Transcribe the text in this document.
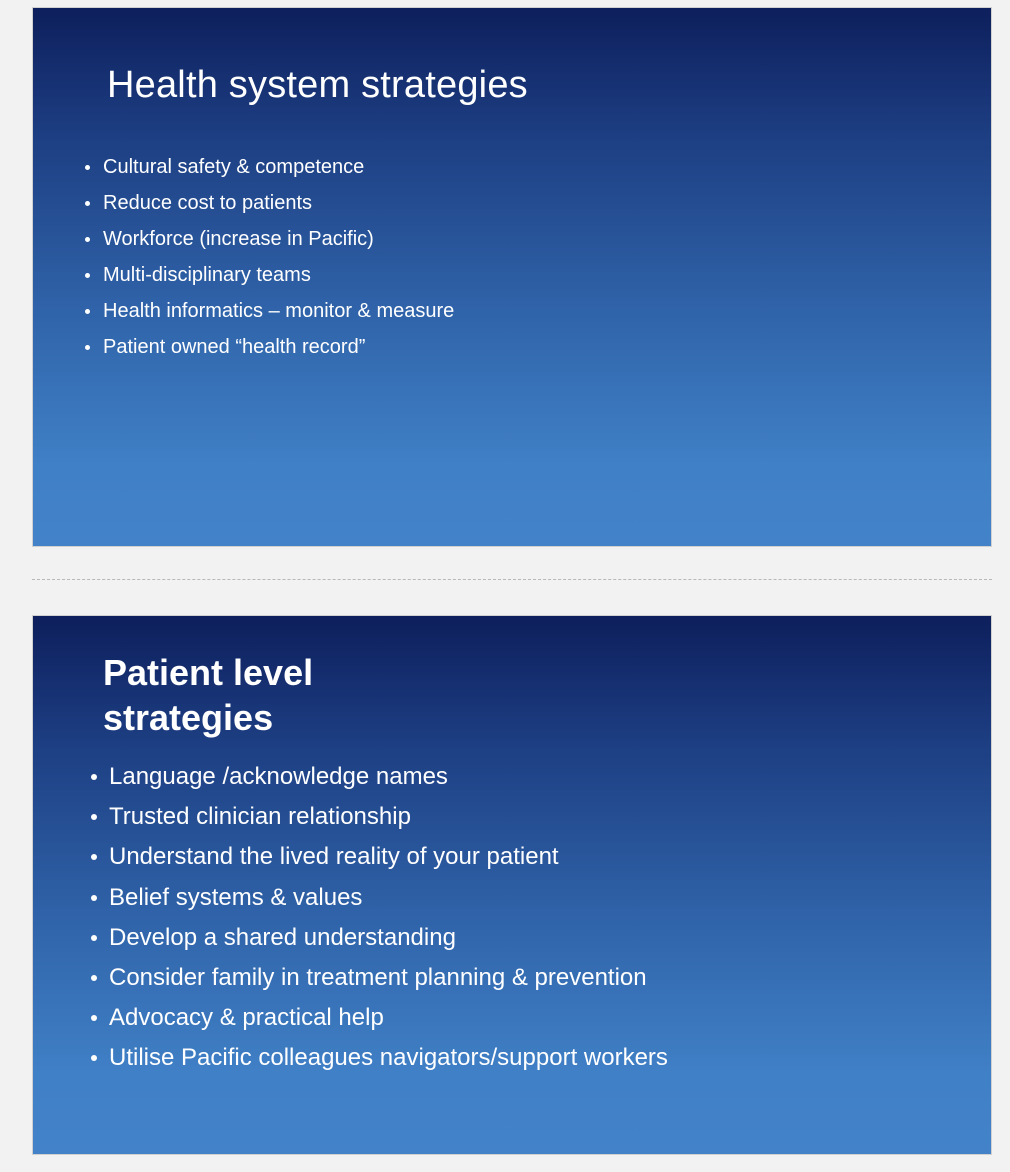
Health system strategies
Cultural safety & competence
Reduce cost to patients
Workforce (increase in Pacific)
Multi-disciplinary teams
Health informatics – monitor & measure
Patient owned “health record”
Patient level
strategies
Language /acknowledge names
Trusted clinician relationship
Understand the lived reality of your patient
Belief systems & values
Develop a shared understanding
Consider family in treatment planning & prevention
Advocacy & practical help
Utilise Pacific colleagues navigators/support workers
